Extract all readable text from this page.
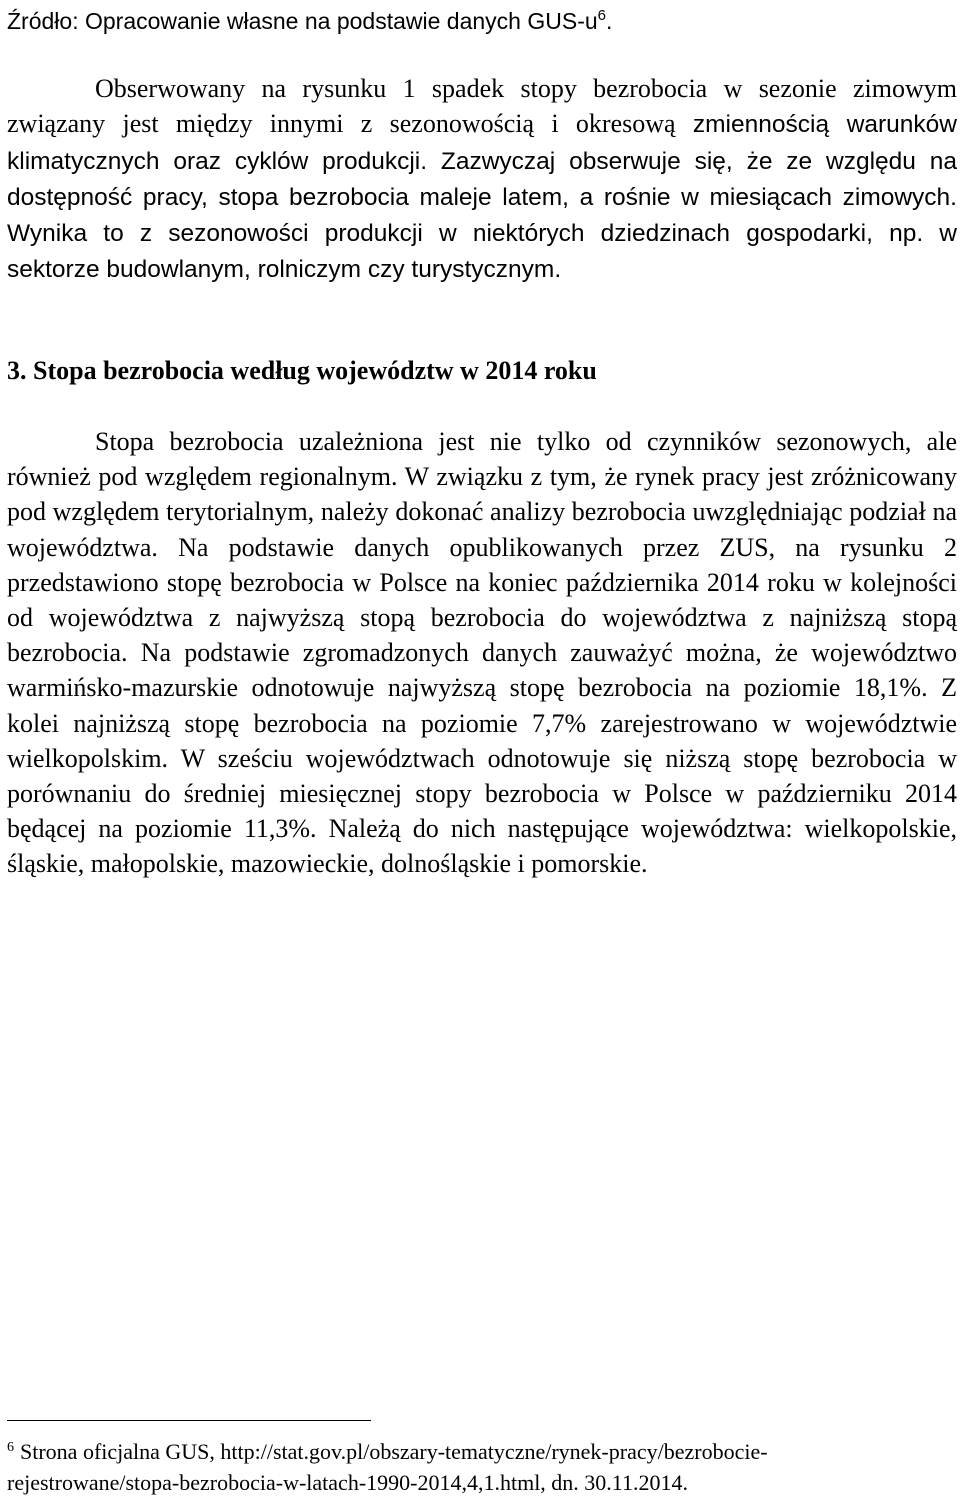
Źródło: Opracowanie własne na podstawie danych GUS-$u^6$.

Obserwowany na rysunku 1 spadek stopy bezrobocia w sezonie zimowym związany jest między innymi z sezonowością i okresową zmiennością warunków klimatycznych oraz cyklów produkcji. Zazwyczaj obserwuje się, że ze względu na dostępność pracy, stopa bezrobocia maleje latem, a rośnie w miesiącach zimowych. Wynika to z sezonowości produkcji w niektórych dziedzinach gospodarki, np. w sektorze budowlanym, rolniczym czy turystycznym.

3. Stopa bezrobocia według województw w 2014 roku

Stopa bezrobocia uzależniona jest nie tylko od czynników sezonowych, ale również pod względem regionalnym. W związku z tym, że rynek pracy jest zróżnicowany pod względem terytorialnym, należy dokonać analizy bezrobocia uwzględniając podział na województwa. Na podstawie danych opublikowanych przez ZUS, na rysunku 2 przedstawiono stopę bezrobocia w Polsce na koniec października 2014 roku w kolejności od województwa z najwyższą stopą bezrobocia do województwa z najniższą stopą bezrobocia. Na podstawie zgromadzonych danych zauważyć można, że województwo warmińsko-mazurskie odnotowuje najwyższą stopę bezrobocia na poziomie 18,1%. Z kolei najniższą stopę bezrobocia na poziomie 7,7% zarejestrowano w województwie wielkopolskim. W sześciu województwach odnotowuje się niższą stopę bezrobocia w porównaniu do średniej miesięcznej stopy bezrobocia w Polsce w październiku 2014 będącej na poziomie 11,3%. Należą do nich następujące województwa: wielkopolskie, śląskie, małopolskie, mazowieckie, dolnośląskie i pomorskie.

$^6$ Strona oficjalna GUS, http://stat.gov.pl/obszary-tematyczne/rynek-pracy/bezrobocie-
rejestrowane/stopa-bezrobocia-w-latach-1990-2014,4,1.html, dn. 30.11.2014.
